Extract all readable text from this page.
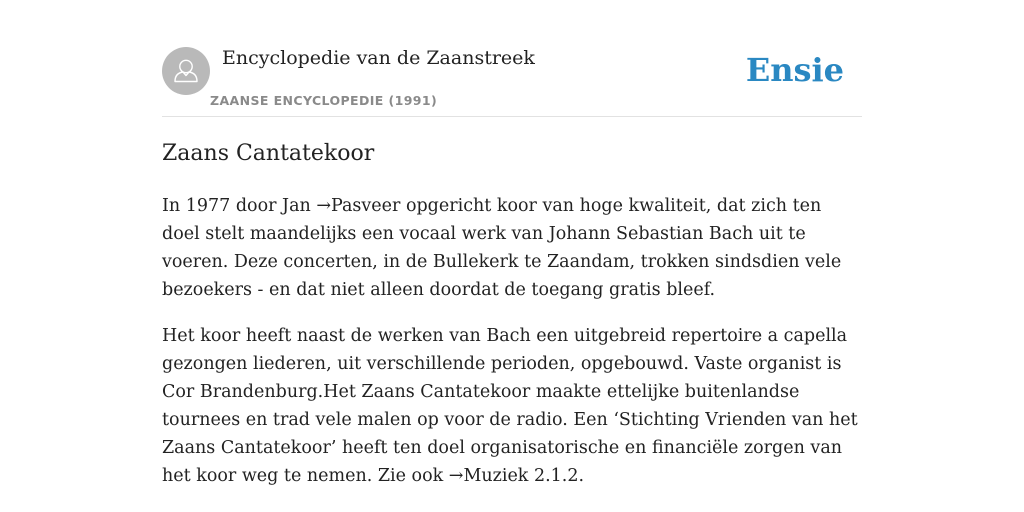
Encyclopedie van de Zaanstreek
ZAANSE ENCYCLOPEDIE (1991)
Ensie
Zaans Cantatekoor

In 1977 door Jan →Pasveer opgericht koor van hoge kwaliteit, dat zich ten doel stelt maandelijks een vocaal werk van Johann Sebastian Bach uit te voeren. Deze concerten, in de Bullekerk te Zaandam, trokken sindsdien vele bezoekers - en dat niet alleen doordat de toegang gratis bleef.

Het koor heeft naast de werken van Bach een uitgebreid repertoire a capella gezongen liederen, uit verschillende perioden, opgebouwd. Vaste organist is Cor Brandenburg.Het Zaans Cantatekoor maakte ettelijke buitenlandse tournees en trad vele malen op voor de radio. Een ‘Stichting Vrienden van het Zaans Cantatekoor’ heeft ten doel organisatorische en financiële zorgen van het koor weg te nemen. Zie ook →Muziek 2.1.2.
